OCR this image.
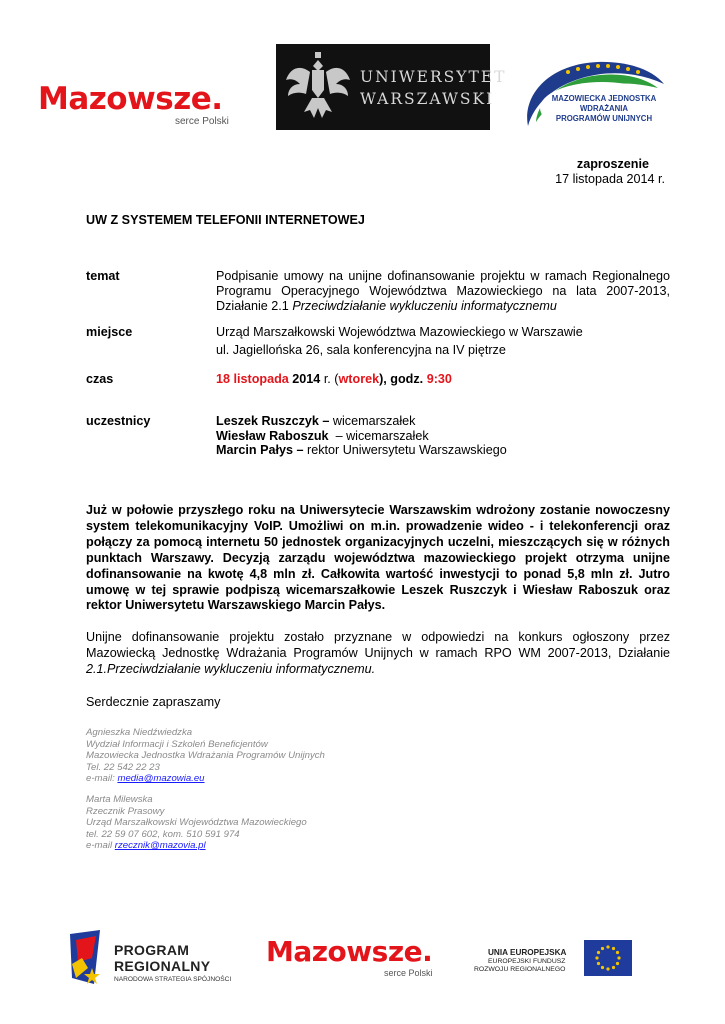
Mazowsze.
serce Polski
UNIWERSYTET
WARSZAWSKI	MAZOWIECKA JEDNOSTKA
WDRAŻANIA
PROGRAMÓW UNIJNYCH
zaproszenie
17 listopada 2014 r.
UW Z SYSTEMEM TELEFONII INTERNETOWEJ
temat	Podpisanie umowy na unijne dofinansowanie projektu w ramach Regionalnego Programu Operacyjnego Województwa Mazowieckiego na lata 2007-2013, Działanie 2.1 Przeciwdziałanie wykluczeniu informatycznemu
miejsce	Urząd Marszałkowski Województwa Mazowieckiego w Warszawie
ul. Jagiellońska 26, sala konferencyjna na IV piętrze
czas	18 listopada 2014 r. (wtorek), godz. 9:30
uczestnicy	Leszek Ruszczyk – wicemarszałek
Wiesław Raboszuk  – wicemarszałek
Marcin Pałys – rektor Uniwersytetu Warszawskiego
Już w połowie przyszłego roku na Uniwersytecie Warszawskim wdrożony zostanie nowoczesny system telekomunikacyjny VoIP. Umożliwi on m.in. prowadzenie wideo - i telekonferencji oraz połączy za pomocą internetu 50 jednostek organizacyjnych uczelni, mieszczących się w różnych punktach Warszawy. Decyzją zarządu województwa mazowieckiego projekt otrzyma unijne dofinansowanie na kwotę 4,8 mln zł. Całkowita wartość inwestycji to ponad 5,8 mln zł. Jutro umowę w tej sprawie podpiszą wicemarszałkowie Leszek Ruszczyk i Wiesław Raboszuk oraz rektor Uniwersytetu Warszawskiego Marcin Pałys.
Unijne dofinansowanie projektu zostało przyznane w odpowiedzi na konkurs ogłoszony przez Mazowiecką Jednostkę Wdrażania Programów Unijnych w ramach RPO WM 2007-2013, Działanie 2.1.Przeciwdziałanie wykluczeniu informatycznemu.
Serdecznie zapraszamy
Agnieszka Niedźwiedzka
Wydział Informacji i Szkoleń Beneficjentów
Mazowiecka Jednostka Wdrażania Programów Unijnych
Tel. 22 542 22 23
e-mail: media@mazowia.eu
Marta Milewska
Rzecznik Prasowy
Urząd Marszałkowski Województwa Mazowieckiego
tel. 22 59 07 602, kom. 510 591 974
e-mail rzecznik@mazovia.pl
PROGRAM
REGIONALNY
NARODOWA STRATEGIA SPÓJNOŚCI
Mazowsze.
serce Polski
UNIA EUROPEJSKA
EUROPEJSKI FUNDUSZ
ROZWOJU REGIONALNEGO
